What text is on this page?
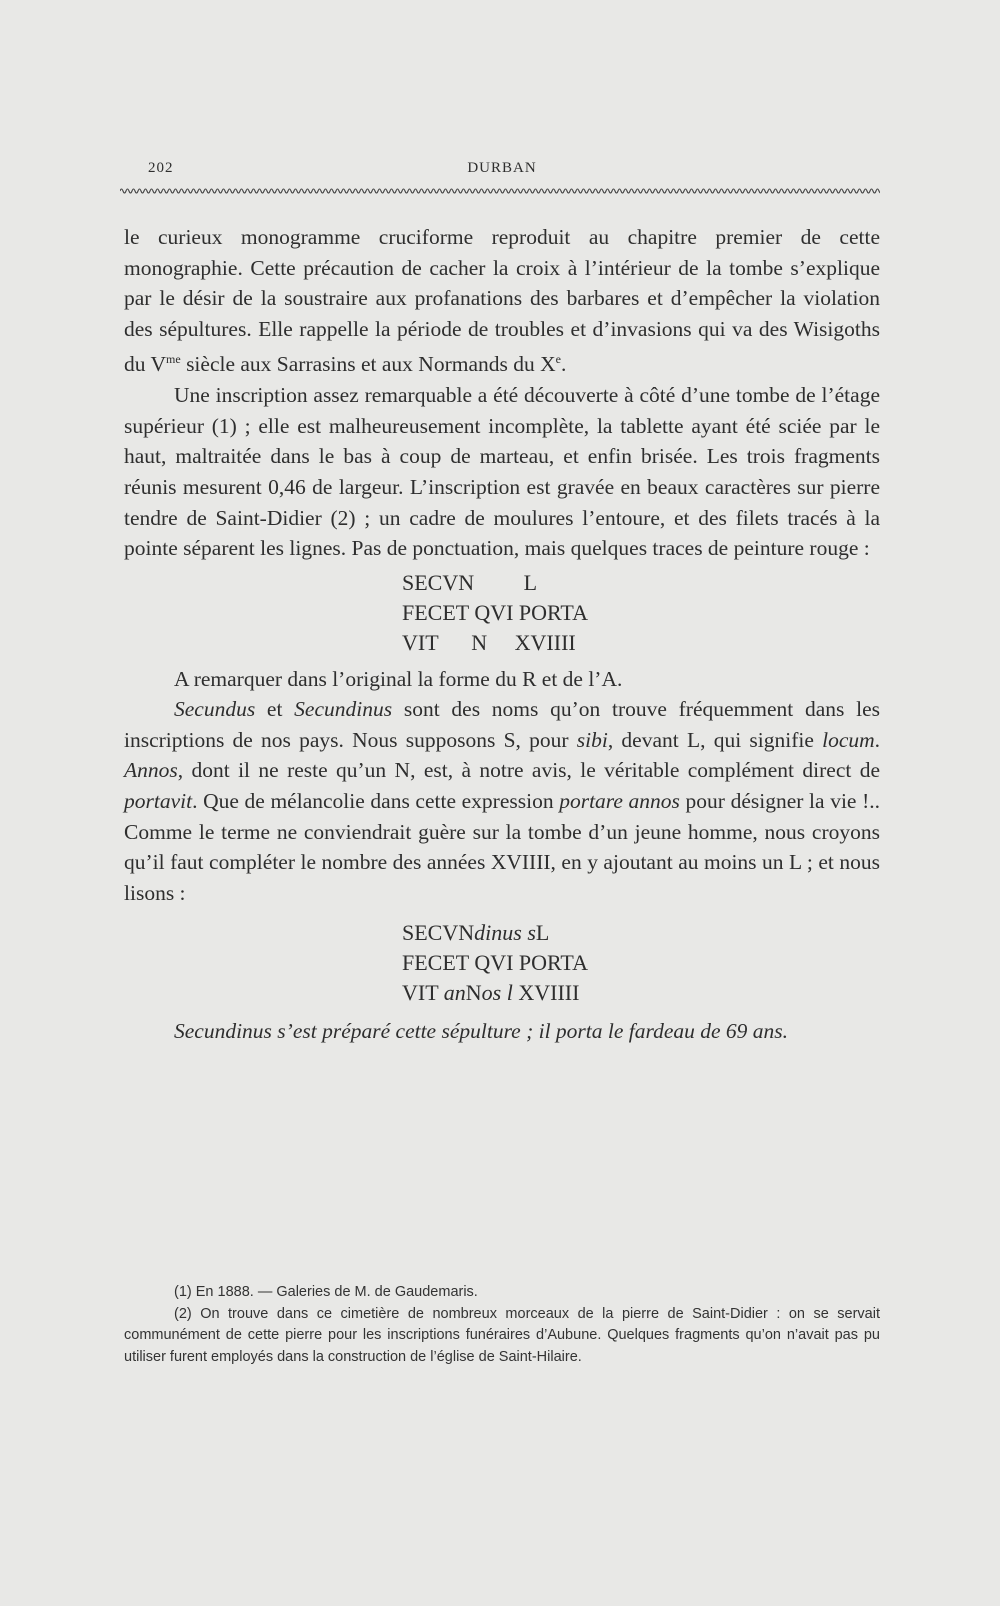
202	DURBAN

le curieux monogramme cruciforme reproduit au chapitre premier de cette monographie. Cette précaution de cacher la croix à l’intérieur de la tombe s’explique par le désir de la soustraire aux profanations des barbares et d’empêcher la violation des sépultures. Elle rappelle la période de troubles et d’invasions qui va des Wisigoths du $V^{me}$ siècle aux Sarrasins et aux Normands du Xe.

Une inscription assez remarquable a été découverte à côté d’une tombe de l’étage supérieur (1) ; elle est malheureusement incomplète, la tablette ayant été sciée par le haut, maltraitée dans le bas à coup de marteau, et enfin brisée. Les trois fragments réunis mesurent 0,46 de largeur. L’inscription est gravée en beaux caractères sur pierre tendre de Saint-Didier (2) ; un cadre de moulures l’entoure, et des filets tracés à la pointe séparent les lignes. Pas de ponctuation, mais quelques traces de peinture rouge :

SECVN         L
FECET QVI PORTA
VIT      N     XVIIII

A remarquer dans l’original la forme du R et de l’A.

Secundus et Secundinus sont des noms qu’on trouve fréquemment dans les inscriptions de nos pays. Nous supposons S, pour sibi, devant L, qui signifie locum. Annos, dont il ne reste qu’un N, est, à notre avis, le véritable complément direct de portavit. Que de mélancolie dans cette expression portare annos pour désigner la vie !.. Comme le terme ne conviendrait guère sur la tombe d’un jeune homme, nous croyons qu’il faut compléter le nombre des années XVIIII, en y ajoutant au moins un L ; et nous lisons :

SECVNdinus sL
FECET QVI PORTA
VIT anNos l XVIIII

Secundinus s’est préparé cette sépulture ; il porta le fardeau de 69 ans.

(1) En 1888. — Galeries de M. de Gaudemaris.

(2) On trouve dans ce cimetière de nombreux morceaux de la pierre de Saint-Didier : on se servait communément de cette pierre pour les inscriptions funéraires d’Aubune. Quelques fragments qu’on n’avait pas pu utiliser furent employés dans la construction de l’église de Saint-Hilaire.
